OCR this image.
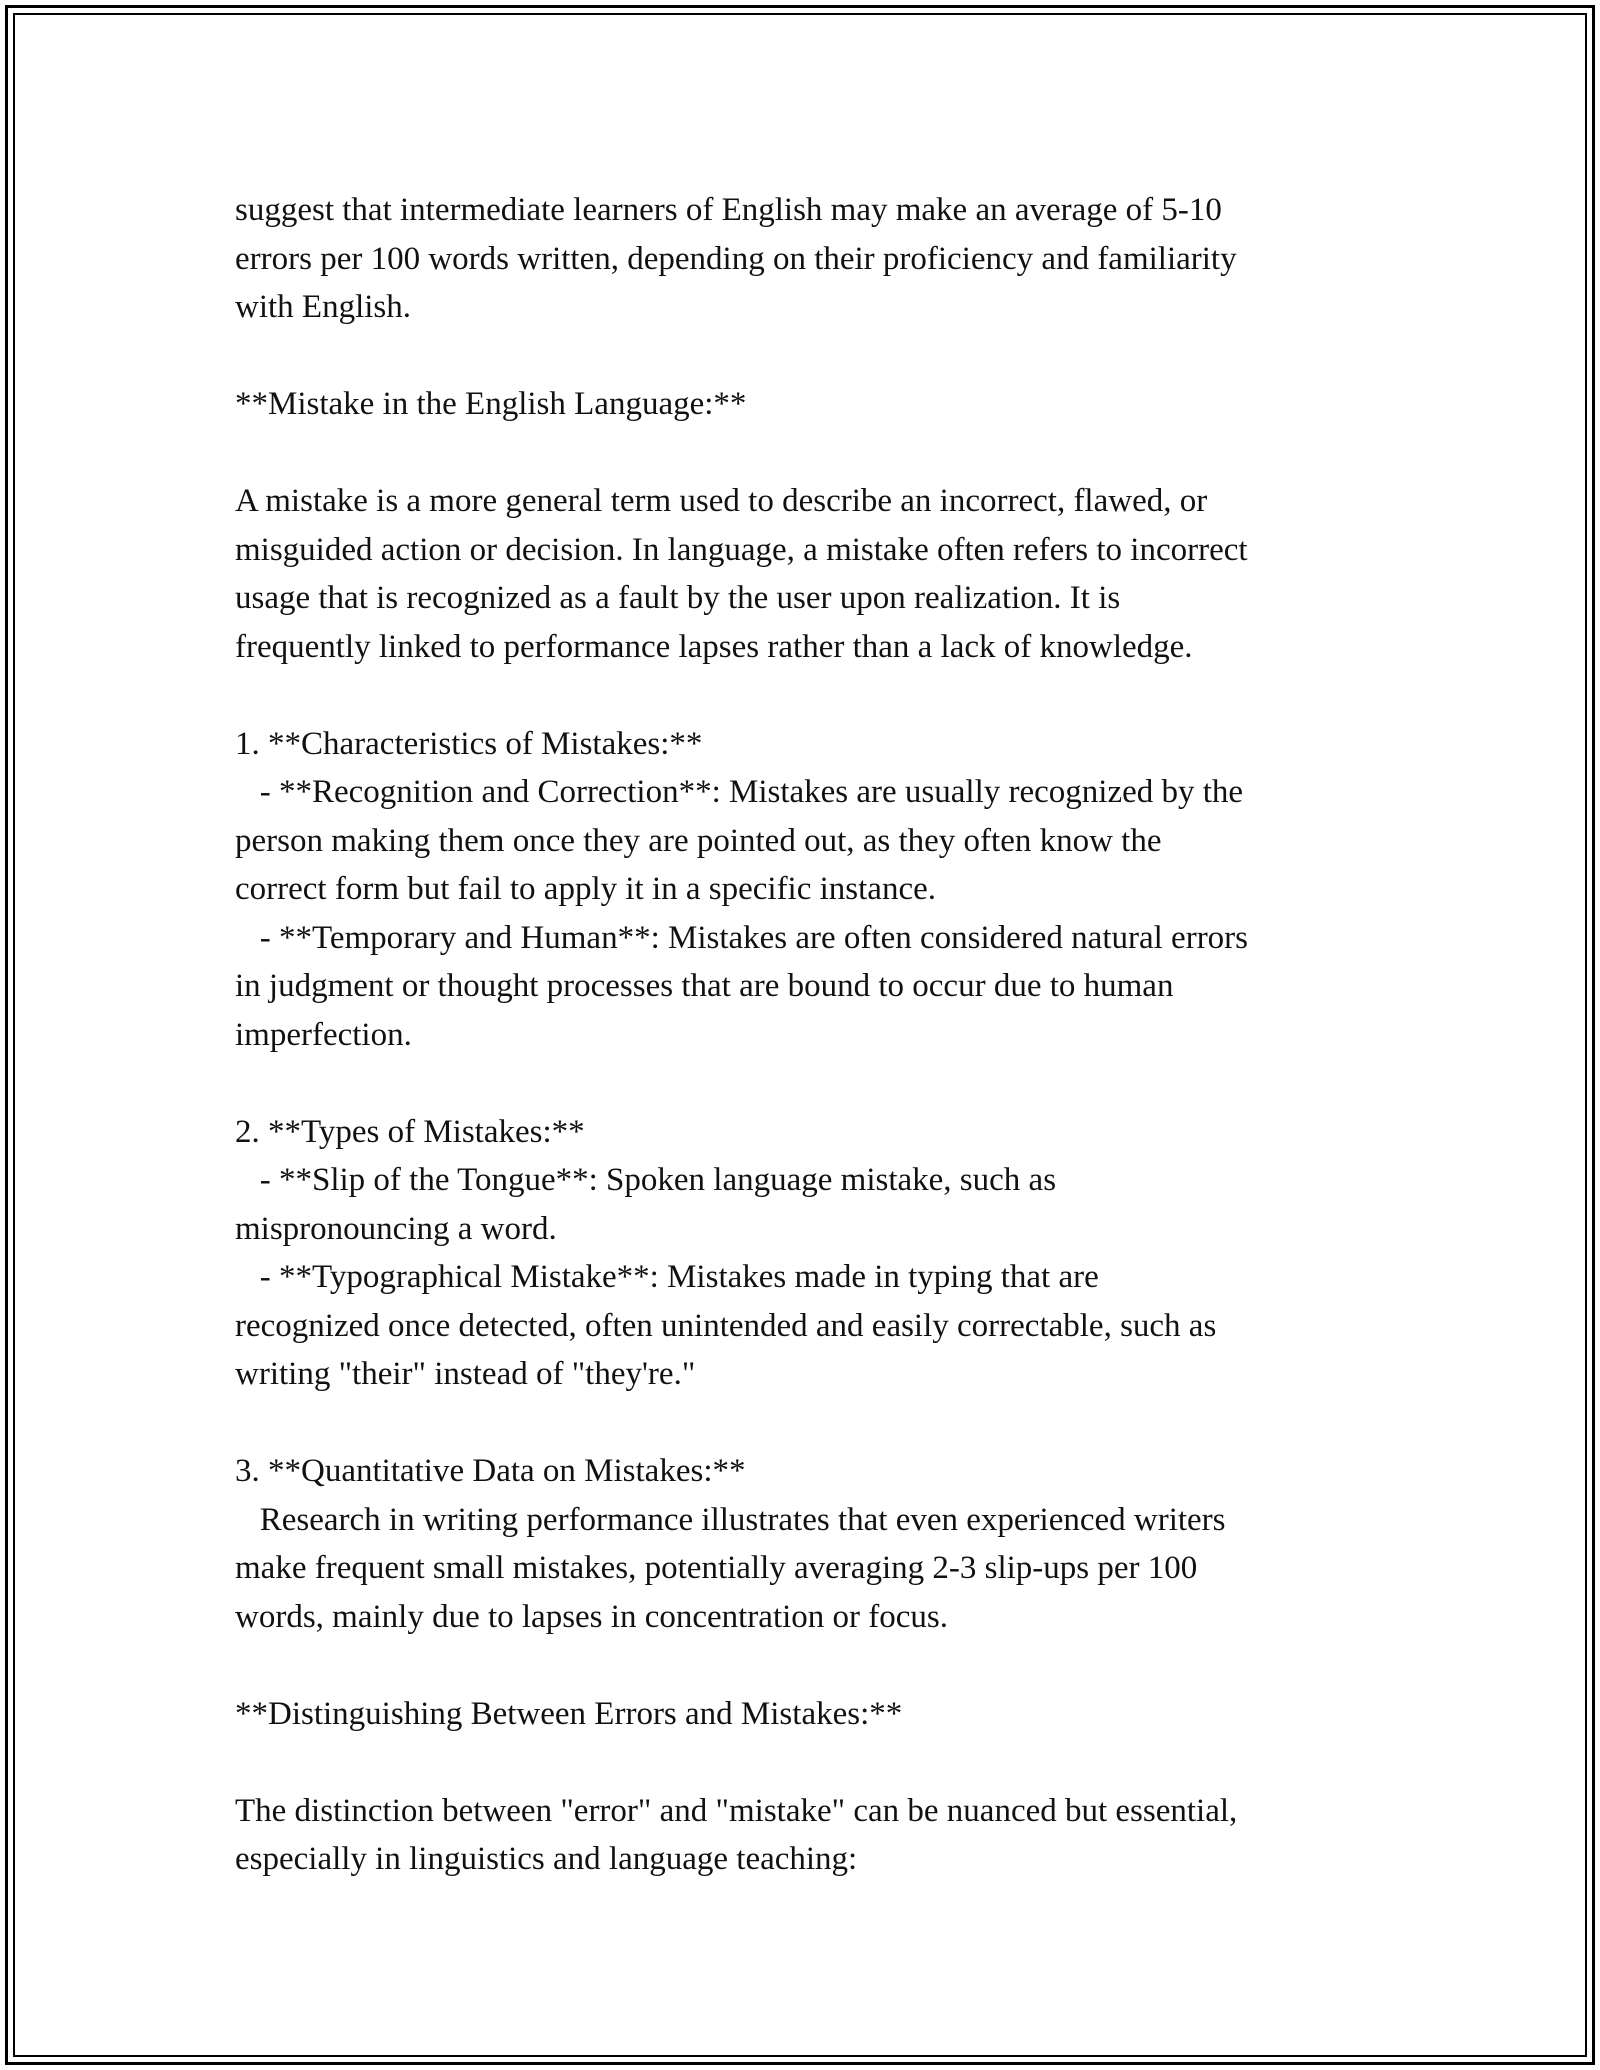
suggest that intermediate learners of English may make an average of 5-10
errors per 100 words written, depending on their proficiency and familiarity
with English.
**Mistake in the English Language:**
A mistake is a more general term used to describe an incorrect, flawed, or
misguided action or decision. In language, a mistake often refers to incorrect
usage that is recognized as a fault by the user upon realization. It is
frequently linked to performance lapses rather than a lack of knowledge.
1. **Characteristics of Mistakes:**
- **Recognition and Correction**: Mistakes are usually recognized by the
person making them once they are pointed out, as they often know the
correct form but fail to apply it in a specific instance.
- **Temporary and Human**: Mistakes are often considered natural errors
in judgment or thought processes that are bound to occur due to human
imperfection.
2. **Types of Mistakes:**
- **Slip of the Tongue**: Spoken language mistake, such as
mispronouncing a word.
- **Typographical Mistake**: Mistakes made in typing that are
recognized once detected, often unintended and easily correctable, such as
writing "their" instead of "they're."
3. **Quantitative Data on Mistakes:**
Research in writing performance illustrates that even experienced writers
make frequent small mistakes, potentially averaging 2-3 slip-ups per 100
words, mainly due to lapses in concentration or focus.
**Distinguishing Between Errors and Mistakes:**
The distinction between "error" and "mistake" can be nuanced but essential,
especially in linguistics and language teaching:
